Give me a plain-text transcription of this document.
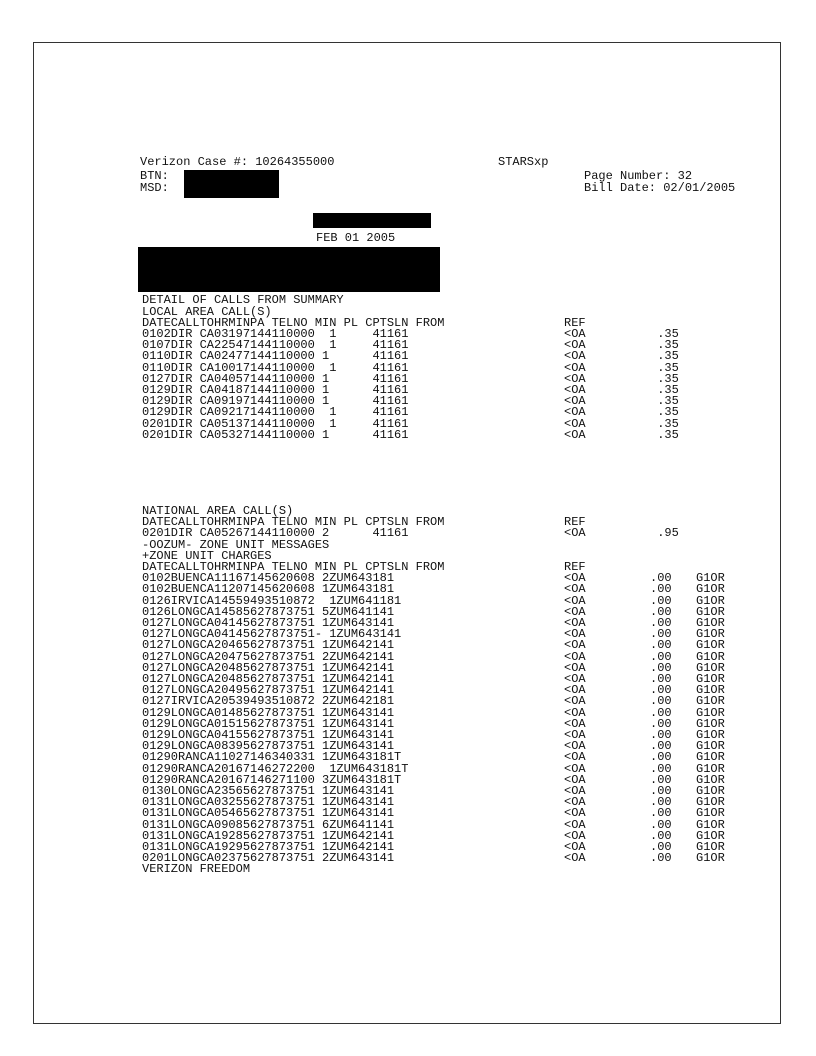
Verizon Case #: 10264355000	STARSxp
BTN:
MSD:
Page Number: 32
Bill Date: 02/01/2005
FEB 01 2005
DETAIL OF CALLS FROM SUMMARY
LOCAL AREA CALL(S)
DATECALLTOHRMINPA TELNO MIN PL CPTSLN FROM	REF
0102DIR CA03197144110000  1     41161	<OA	.35
0107DIR CA22547144110000  1     41161	<OA	.35
0110DIR CA02477144110000 1      41161	<OA	.35
0110DIR CA10017144110000  1     41161	<OA	.35
0127DIR CA04057144110000 1      41161	<OA	.35
0129DIR CA04187144110000 1      41161	<OA	.35
0129DIR CA09197144110000 1      41161	<OA	.35
0129DIR CA09217144110000  1     41161	<OA	.35
0201DIR CA05137144110000  1     41161	<OA	.35
0201DIR CA05327144110000 1      41161	<OA	.35
NATIONAL AREA CALL(S)
DATECALLTOHRMINPA TELNO MIN PL CPTSLN FROM	REF
0201DIR CA05267144110000 2      41161	<OA	.95
-OOZUM- ZONE UNIT MESSAGES
+ZONE UNIT CHARGES
DATECALLTOHRMINPA TELNO MIN PL CPTSLN FROM	REF
0102BUENCA11167145620608 2ZUM643181	<OA	.00 G1OR
0102BUENCA11207145620608 1ZUM643181	<OA	.00 G1OR
0126IRVICA14559493510872  1ZUM641181	<OA	.00 G1OR
0126LONGCA14585627873751 5ZUM641141	<OA	.00 G1OR
0127LONGCA04145627873751 1ZUM643141	<OA	.00 G1OR
0127LONGCA04145627873751- 1ZUM643141	<OA	.00 G1OR
0127LONGCA20465627873751 1ZUM642141	<OA	.00 G1OR
0127LONGCA20475627873751 2ZUM642141	<OA	.00 G1OR
0127LONGCA20485627873751 1ZUM642141	<OA	.00 G1OR
0127LONGCA20485627873751 1ZUM642141	<OA	.00 G1OR
0127LONGCA20495627873751 1ZUM642141	<OA	.00 G1OR
0127IRVICA20539493510872 2ZUM642181	<OA	.00 G1OR
0129LONGCA01485627873751 1ZUM643141	<OA	.00 G1OR
0129LONGCA01515627873751 1ZUM643141	<OA	.00 G1OR
0129LONGCA04155627873751 1ZUM643141	<OA	.00 G1OR
0129LONGCA08395627873751 1ZUM643141	<OA	.00 G1OR
01290RANCA11027146340331 1ZUM643181T	<OA	.00 G1OR
01290RANCA20167146272200  1ZUM643181T	<OA	.00 G1OR
01290RANCA20167146271100 3ZUM643181T	<OA	.00 G1OR
0130LONGCA23565627873751 1ZUM643141	<OA	.00 G1OR
0131LONGCA03255627873751 1ZUM643141	<OA	.00 G1OR
0131LONGCA05465627873751 1ZUM643141	<OA	.00 G1OR
0131LONGCA09085627873751 6ZUM641141	<OA	.00 G1OR
0131LONGCA19285627873751 1ZUM642141	<OA	.00 G1OR
0131LONGCA19295627873751 1ZUM642141	<OA	.00 G1OR
0201LONGCA02375627873751 2ZUM643141	<OA	.00 G1OR
VERIZON FREEDOM
